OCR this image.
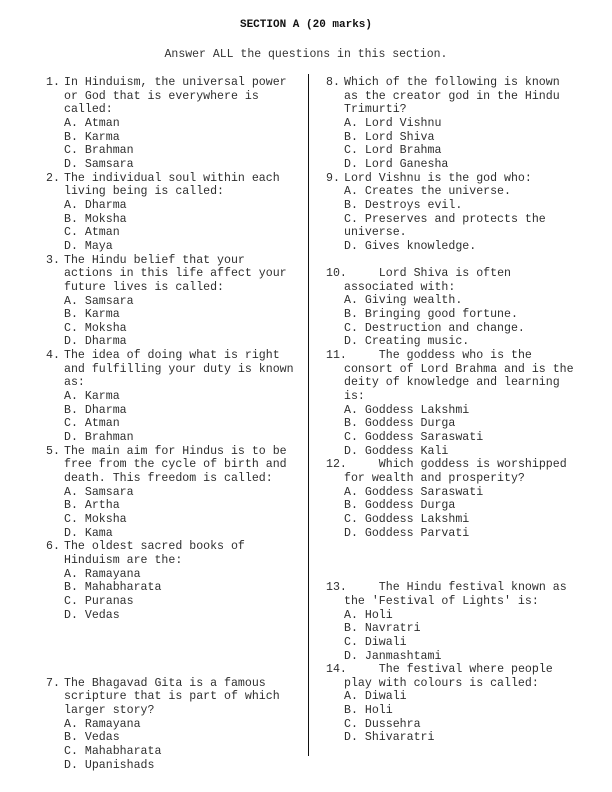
SECTION A (20 marks)
Answer ALL the questions in this section.
1. In Hinduism, the universal power
or God that is everywhere is
called:
A. Atman
B. Karma
C. Brahman
D. Samsara
2. The individual soul within each
living being is called:
A. Dharma
B. Moksha
C. Atman
D. Maya
3. The Hindu belief that your
actions in this life affect your
future lives is called:
A. Samsara
B. Karma
C. Moksha
D. Dharma
4. The idea of doing what is right
and fulfilling your duty is known
as:
A. Karma
B. Dharma
C. Atman
D. Brahman
5. The main aim for Hindus is to be
free from the cycle of birth and
death. This freedom is called:
A. Samsara
B. Artha
C. Moksha
D. Kama
6. The oldest sacred books of
Hinduism are the:
A. Ramayana
B. Mahabharata
C. Puranas
D. Vedas
7. The Bhagavad Gita is a famous
scripture that is part of which
larger story?
A. Ramayana
B. Vedas
C. Mahabharata
D. Upanishads
8. Which of the following is known
as the creator god in the Hindu
Trimurti?
A. Lord Vishnu
B. Lord Shiva
C. Lord Brahma
D. Lord Ganesha
9. Lord Vishnu is the god who:
A. Creates the universe.
B. Destroys evil.
C. Preserves and protects the
universe.
D. Gives knowledge.
10.
Lord Shiva is often
associated with:
A. Giving wealth.
B. Bringing good fortune.
C. Destruction and change.
D. Creating music.
11.
The goddess who is the
consort of Lord Brahma and is the
deity of knowledge and learning
is:
A. Goddess Lakshmi
B. Goddess Durga
C. Goddess Saraswati
D. Goddess Kali
12.
Which goddess is worshipped
for wealth and prosperity?
A. Goddess Saraswati
B. Goddess Durga
C. Goddess Lakshmi
D. Goddess Parvati
13.
The Hindu festival known as
the 'Festival of Lights' is:
A. Holi
B. Navratri
C. Diwali
D. Janmashtami
14.
The festival where people
play with colours is called:
A. Diwali
B. Holi
C. Dussehra
D. Shivaratri
